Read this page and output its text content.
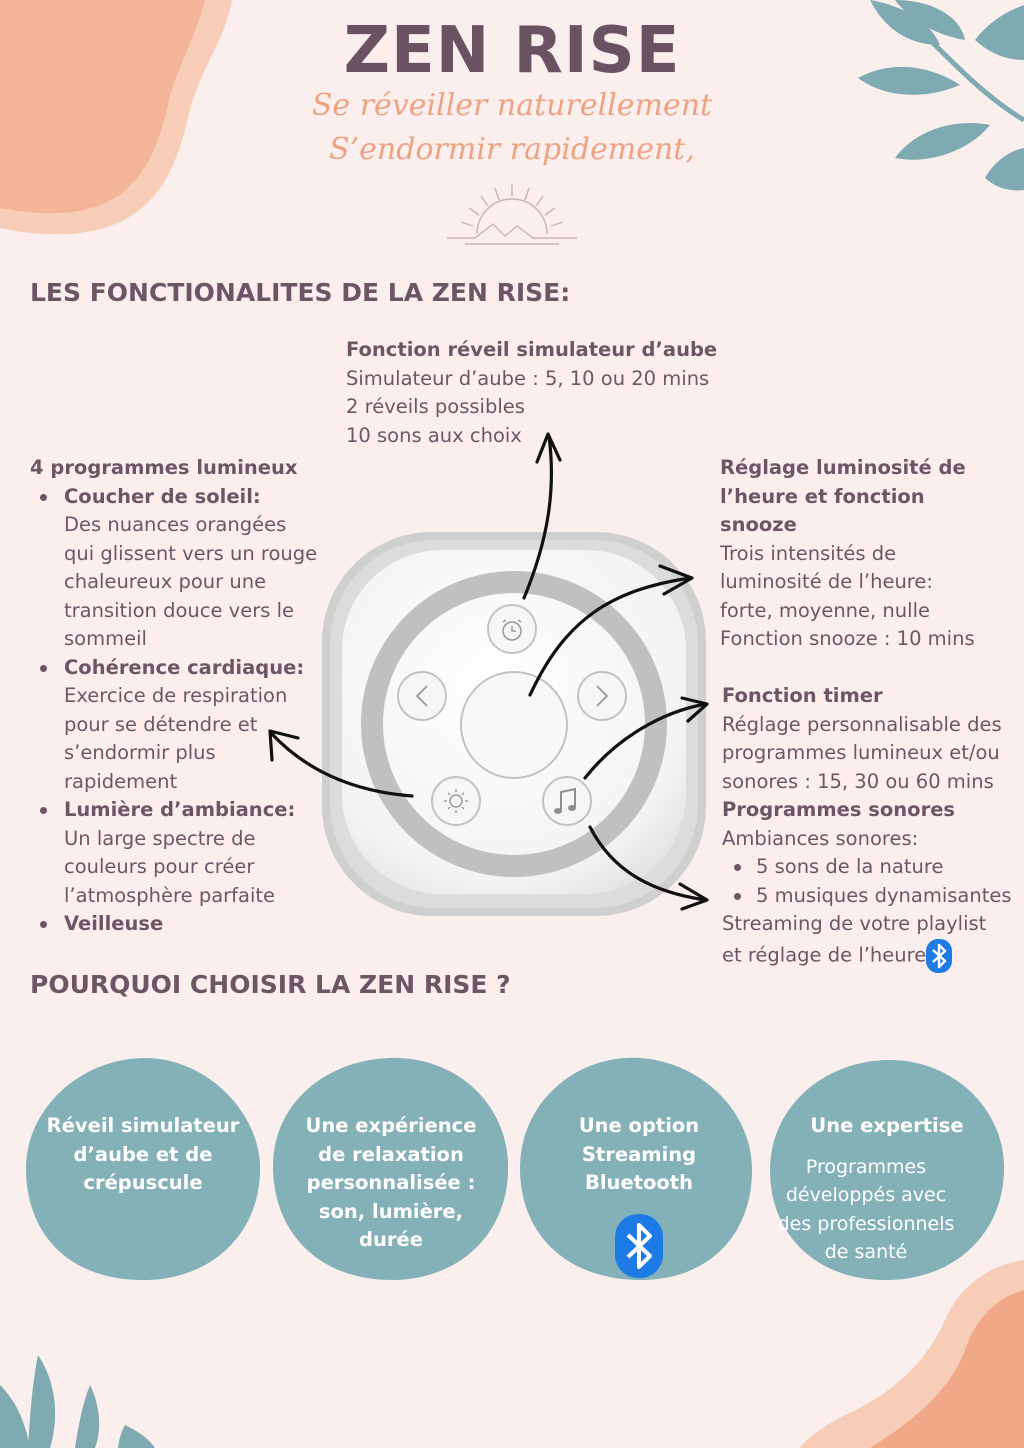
ZEN RISE
Se réveiller naturellement
S’endormir rapidement,
LES FONCTIONALITES DE LA ZEN RISE:
Fonction réveil simulateur d’aube
Simulateur d’aube : 5, 10 ou 20 mins
2 réveils possibles
10 sons aux choix
4 programmes lumineux
Coucher de soleil:
Des nuances orangées qui glissent vers un rouge chaleureux pour une transition douce vers le sommeil
Cohérence cardiaque:
Exercice de respiration pour se détendre et s’endormir plus rapidement
Lumière d’ambiance:
Un large spectre de couleurs pour créer l’atmosphère parfaite
Veilleuse
Réglage luminosité de l’heure et fonction snooze
Trois intensités de luminosité de l’heure:
forte, moyenne, nulle
Fonction snooze : 10 mins
Fonction timer
Réglage personnalisable des programmes lumineux et/ou sonores : 15, 30 ou 60 mins
Programmes sonores
Ambiances sonores:
5 sons de la nature
5 musiques dynamisantes
Streaming de votre playlist et réglage de l’heure
POURQUOI CHOISIR LA ZEN RISE ?
Réveil simulateur d’aube et de crépuscule
Une expérience de relaxation personnalisée : son, lumière, durée
Une option Streaming Bluetooth
Une expertise
Programmes développés avec des professionnels de santé
